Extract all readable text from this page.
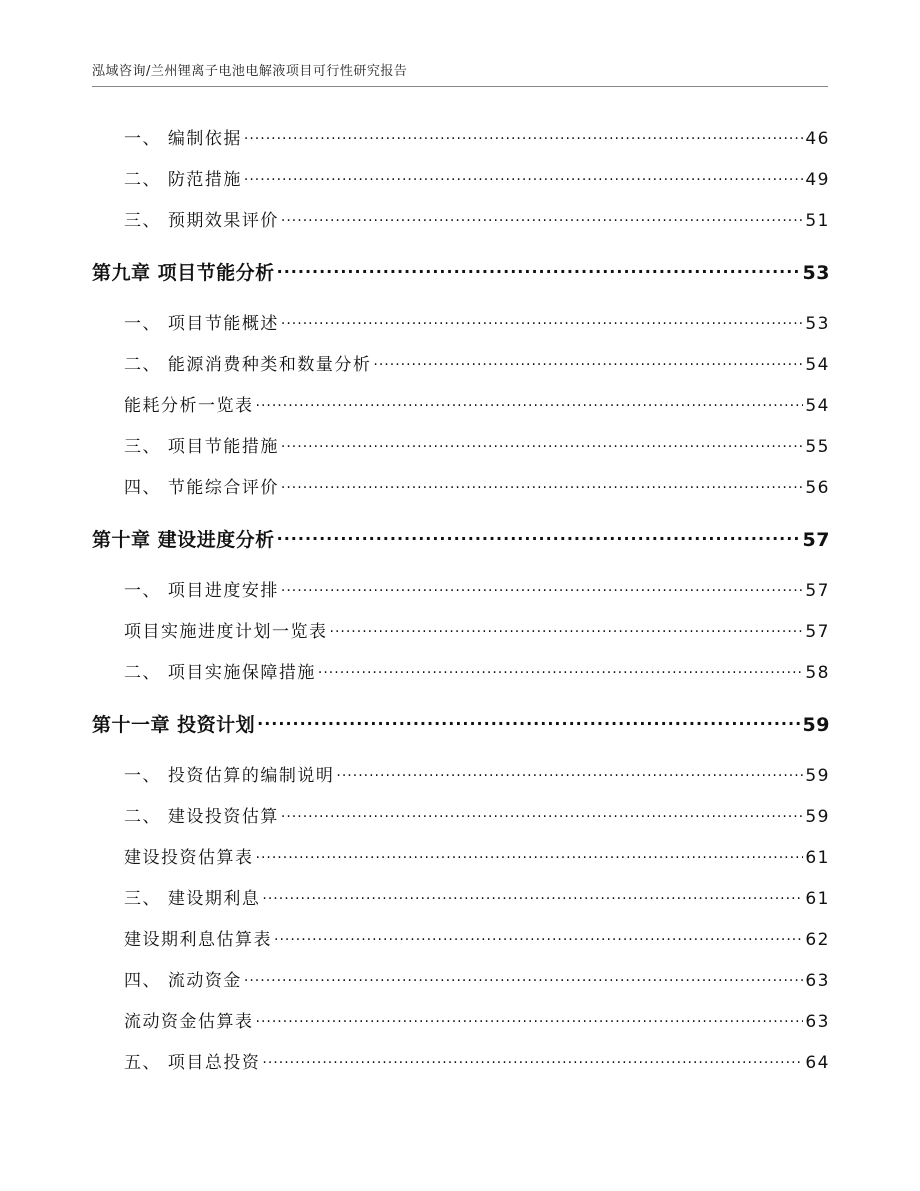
泓域咨询/兰州锂离子电池电解液项目可行性研究报告
一、 编制依据 .....	46
二、 防范措施 .....	49
三、 预期效果评价 .....	51
第九章 项目节能分析 .....	53
一、 项目节能概述 .....	53
二、 能源消费种类和数量分析 .....	54
能耗分析一览表 .....	54
三、 项目节能措施 .....	55
四、 节能综合评价 .....	56
第十章 建设进度分析 .....	57
一、 项目进度安排 .....	57
项目实施进度计划一览表 .....	57
二、 项目实施保障措施 .....	58
第十一章 投资计划 .....	59
一、 投资估算的编制说明 .....	59
二、 建设投资估算 .....	59
建设投资估算表 .....	61
三、 建设期利息 .....	61
建设期利息估算表 .....	62
四、 流动资金 .....	63
流动资金估算表 .....	63
五、 项目总投资 .....	64
